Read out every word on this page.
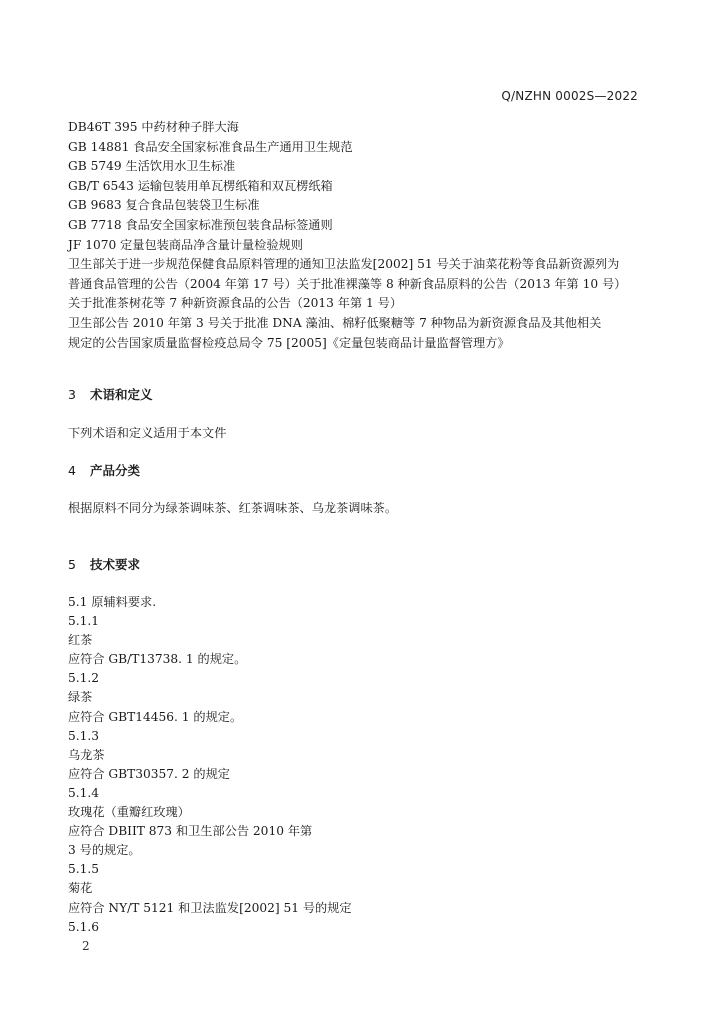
Q/NZHN 0002S—2022
DB46T 395 中药材种子胖大海
GB 14881 食品安全国家标准食品生产通用卫生规范
GB 5749 生活饮用水卫生标准
GB/T 6543 运输包装用单瓦楞纸箱和双瓦楞纸箱
GB 9683 复合食品包装袋卫生标准
GB 7718 食品安全国家标准预包装食品标签通则
JF 1070 定量包装商品净含量计量检验规则
卫生部关于进一步规范保健食品原料管理的通知卫法监发[2002] 51 号关于油菜花粉等食品新资源列为
普通食品管理的公告（2004 年第 17 号）关于批准裸藻等 8 种新食品原料的公告（2013 年第 10 号）
关于批准茶树花等 7 种新资源食品的公告（2013 年第 1 号）
卫生部公告 2010 年第 3 号关于批准 DNA 藻油、棉籽低聚糖等 7 种物品为新资源食品及其他相关
规定的公告国家质量监督检疫总局令 75 [2005]《定量包装商品计量监督管理方》
3 术语和定义
下列术语和定义适用于本文件
4 产品分类
根据原料不同分为绿茶调味茶、红茶调味茶、乌龙茶调味茶。
5 技术要求
5.1 原辅料要求.
5.1.1
红茶
应符合 GB/T13738. 1 的规定。
5.1.2
绿茶
应符合 GBT14456. 1 的规定。
5.1.3
乌龙茶
应符合 GBT30357. 2 的规定
5.1.4
玫瑰花（重瓣红玫瑰）
应符合 DBIIT 873 和卫生部公告 2010 年第
3 号的规定。
5.1.5
菊花
应符合 NY/T 5121 和卫法监发[2002] 51 号的规定
5.1.6
2
